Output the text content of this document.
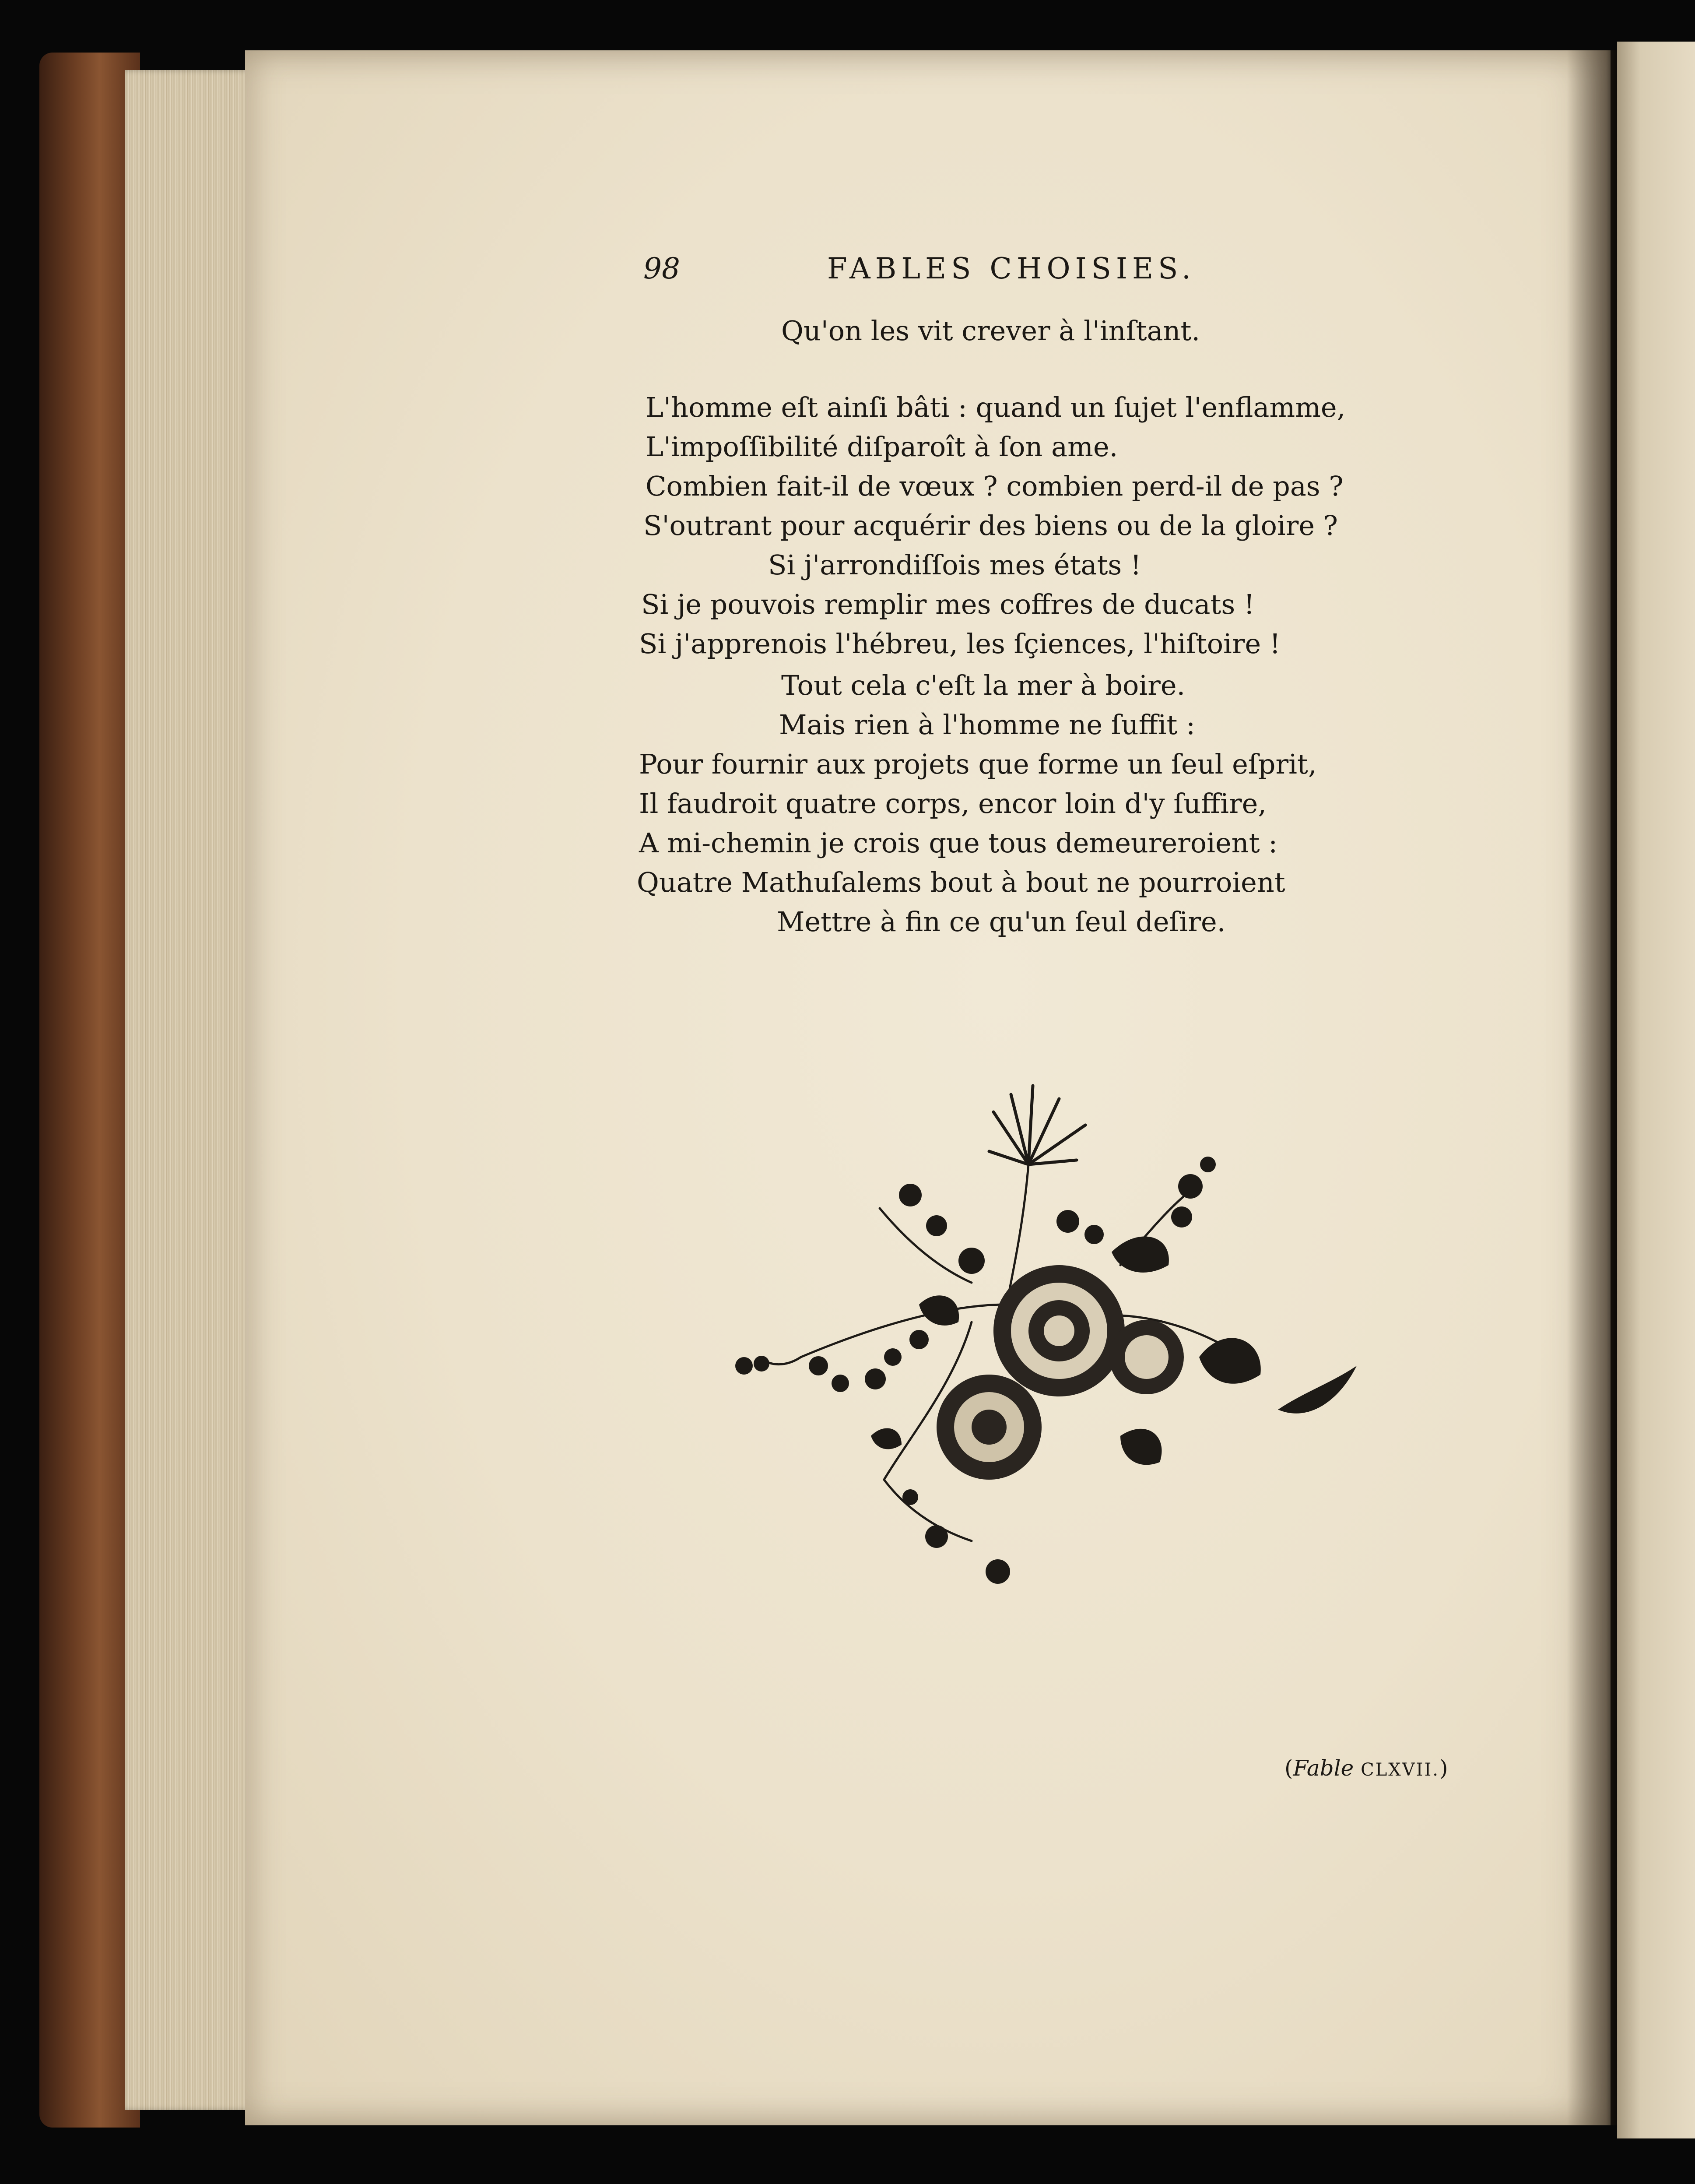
98	FABLES CHOISIES.
Qu'on les vit crever à l'inſtant.
L'homme eſt ainſi bâti : quand un ſujet l'enflamme,
L'impoſſibilité diſparoît à ſon ame.
Combien fait-il de vœux ? combien perd-il de pas ?
S'outrant pour acquérir des biens ou de la gloire ?
Si j'arrondiſſois mes états !
Si je pouvois remplir mes coffres de ducats !
Si j'apprenois l'hébreu, les ſçiences, l'hiſtoire !
Tout cela c'eſt la mer à boire.
Mais rien à l'homme ne ſuffit :
Pour fournir aux projets que forme un ſeul eſprit,
Il faudroit quatre corps, encor loin d'y ſuffire,
A mi-chemin je crois que tous demeureroient :
Quatre Mathuſalems bout à bout ne pourroient
Mettre à fin ce qu'un ſeul deſire.
(Fable CLXVII.)
